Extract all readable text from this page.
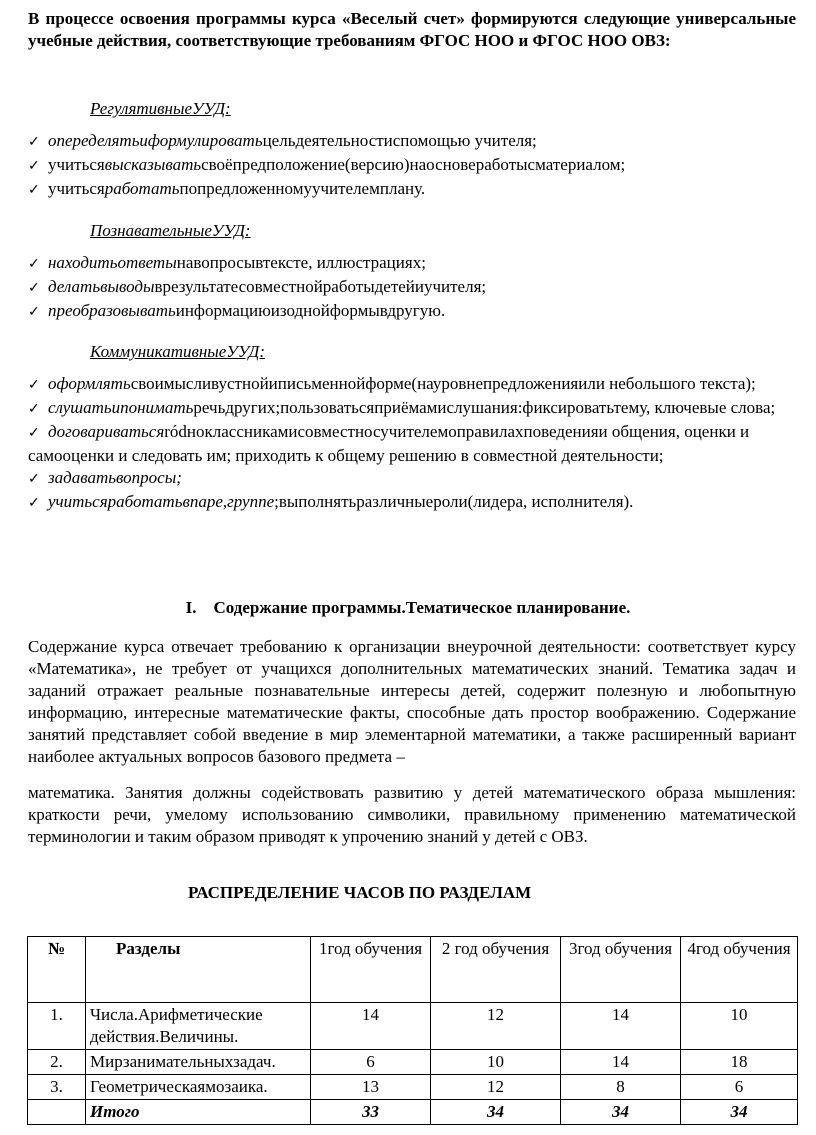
В процессе освоения программы курса «Веселый счет» формируются следующие универсальные учебные действия, соответствующие требованиям ФГОС НОО и ФГОС НОО ОВЗ:
РегулятивныеУУД:
✓ опеределятьиформулироватьцельдеятельностиспомощью учителя;
✓ учитьсявысказыватьсвоёпредположение(версию)наосновеработысматериалом;
✓ учитьсяработатьпопредложенномуучителемплану.
ПознавательныеУУД:
✓ находитьответынавопросывтексте, иллюстрациях;
✓ делатьвыводыврезультатесовместнойработыдетейиучителя;
✓ преобразовыватьинформациюизоднойформывдругую.
КоммуникативныеУУД:
✓ оформлятьсвоимысливустнойиписьменнойформе(науровнепредложенияили небольшого текста);
✓ слушатьипониматьречьдругих;пользоватьсяприёмамислушания:фиксироватьтему, ключевые слова;
✓ договариватьсяródноклассникамисовместносучителемоправилахповеденияи общения, оценки и самооценки и следовать им; приходить к общему решению в совместной деятельности;
✓ задаватьвопросы;
✓ учитьсяработатьвпаре,группе;выполнятьразличныероли(лидера, исполнителя).
I. Содержание программы.Тематическое планирование.
Содержание курса отвечает требованию к организации внеурочной деятельности: соответствует курсу «Математика», не требует от учащихся дополнительных математических знаний. Тематика задач и заданий отражает реальные познавательные интересы детей, содержит полезную и любопытную информацию, интересные математические факты, способные дать простор воображению. Содержание занятий представляет собой введение в мир элементарной математики, а также расширенный вариант наиболее актуальных вопросов базового предмета –
математика. Занятия должны содействовать развитию у детей математического образа мышления: краткости речи, умелому использованию символики, правильному применению математической терминологии и таким образом приводят к упрочению знаний у детей с ОВЗ.
РАСПРЕДЕЛЕНИЕ ЧАСОВ ПО РАЗДЕЛАМ
№	Разделы	1год обучения	2 год обучения	3год обучения	4год обучения
1.	Числа.Арифметические действия.Величины.	14	12	14	10
2.	Мирзанимательныхзадач.	6	10	14	18
3.	Геометрическаямозаика.	13	12	8	6
	Итого	33	34	34	34
